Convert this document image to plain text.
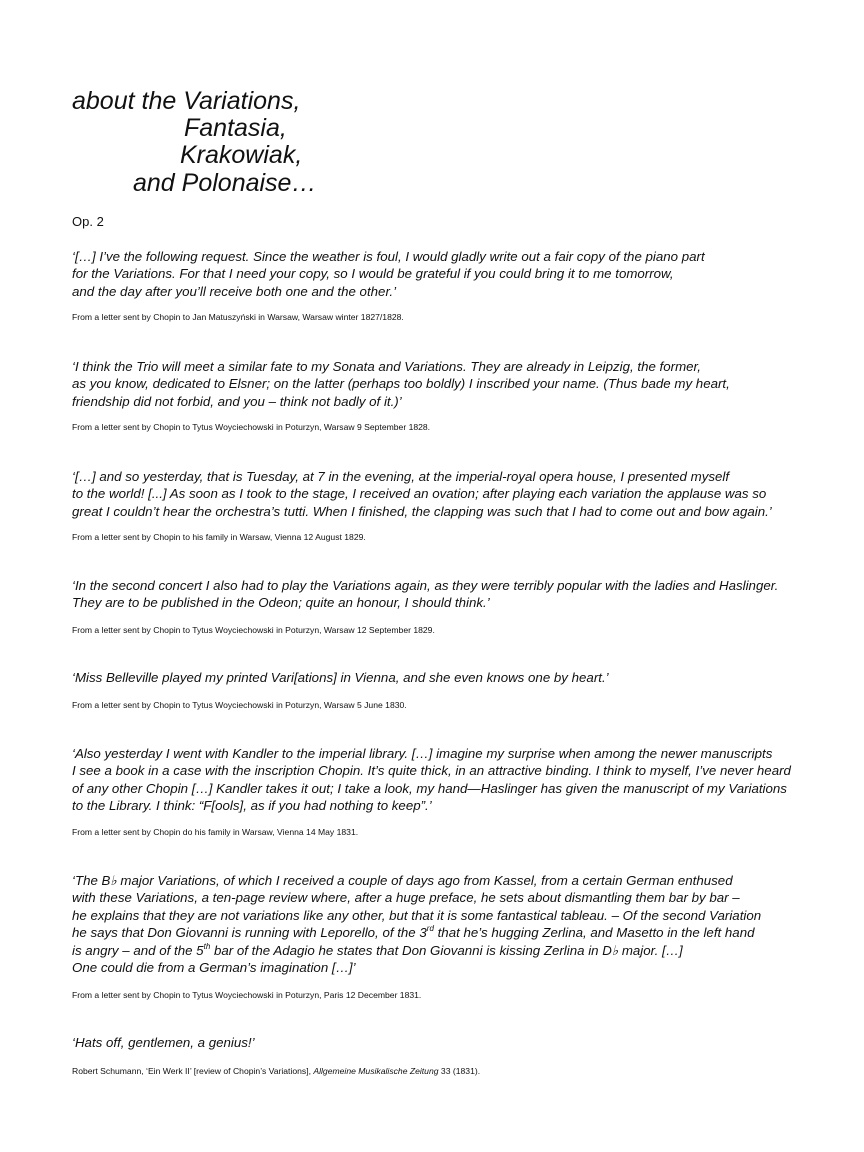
about the Variations,
Fantasia,
Krakowiak,
and Polonaise…

Op. 2

‘[…] I’ve the following request. Since the weather is foul, I would gladly write out a fair copy of the piano part
for the Variations. For that I need your copy, so I would be grateful if you could bring it to me tomorrow,
and the day after you’ll receive both one and the other.’

From a letter sent by Chopin to Jan Matuszyński in Warsaw, Warsaw winter 1827/1828.

‘I think the Trio will meet a similar fate to my Sonata and Variations. They are already in Leipzig, the former,
as you know, dedicated to Elsner; on the latter (perhaps too boldly) I inscribed your name. (Thus bade my heart,
friendship did not forbid, and you – think not badly of it.)’

From a letter sent by Chopin to Tytus Woyciechowski in Poturzyn, Warsaw 9 September 1828.

‘[…] and so yesterday, that is Tuesday, at 7 in the evening, at the imperial-royal opera house, I presented myself
to the world! [...] As soon as I took to the stage, I received an ovation; after playing each variation the applause was so
great I couldn’t hear the orchestra’s tutti. When I finished, the clapping was such that I had to come out and bow again.’

From a letter sent by Chopin to his family in Warsaw, Vienna 12 August 1829.

‘In the second concert I also had to play the Variations again, as they were terribly popular with the ladies and Haslinger.
They are to be published in the Odeon; quite an honour, I should think.’

From a letter sent by Chopin to Tytus Woyciechowski in Poturzyn, Warsaw 12 September 1829.

‘Miss Belleville played my printed Vari[ations] in Vienna, and she even knows one by heart.’

From a letter sent by Chopin to Tytus Woyciechowski in Poturzyn, Warsaw 5 June 1830.

‘Also yesterday I went with Kandler to the imperial library. […] imagine my surprise when among the newer manuscripts
I see a book in a case with the inscription Chopin. It’s quite thick, in an attractive binding. I think to myself, I’ve never heard
of any other Chopin […] Kandler takes it out; I take a look, my hand—Haslinger has given the manuscript of my Variations
to the Library. I think: “F[ools], as if you had nothing to keep”.’

From a letter sent by Chopin do his family in Warsaw, Vienna 14 May 1831.

‘The B♭ major Variations, of which I received a couple of days ago from Kassel, from a certain German enthused
with these Variations, a ten-page review where, after a huge preface, he sets about dismantling them bar by bar –
he explains that they are not variations like any other, but that it is some fantastical tableau. – Of the second Variation
he says that Don Giovanni is running with Leporello, of the 3rd that he’s hugging Zerlina, and Masetto in the left hand
is angry – and of the 5th bar of the Adagio he states that Don Giovanni is kissing Zerlina in D♭ major. […]
One could die from a German’s imagination […]’

From a letter sent by Chopin to Tytus Woyciechowski in Poturzyn, Paris 12 December 1831.

‘Hats off, gentlemen, a genius!’

Robert Schumann, ‘Ein Werk II’ [review of Chopin’s Variations], Allgemeine Musikalische Zeitung 33 (1831).
